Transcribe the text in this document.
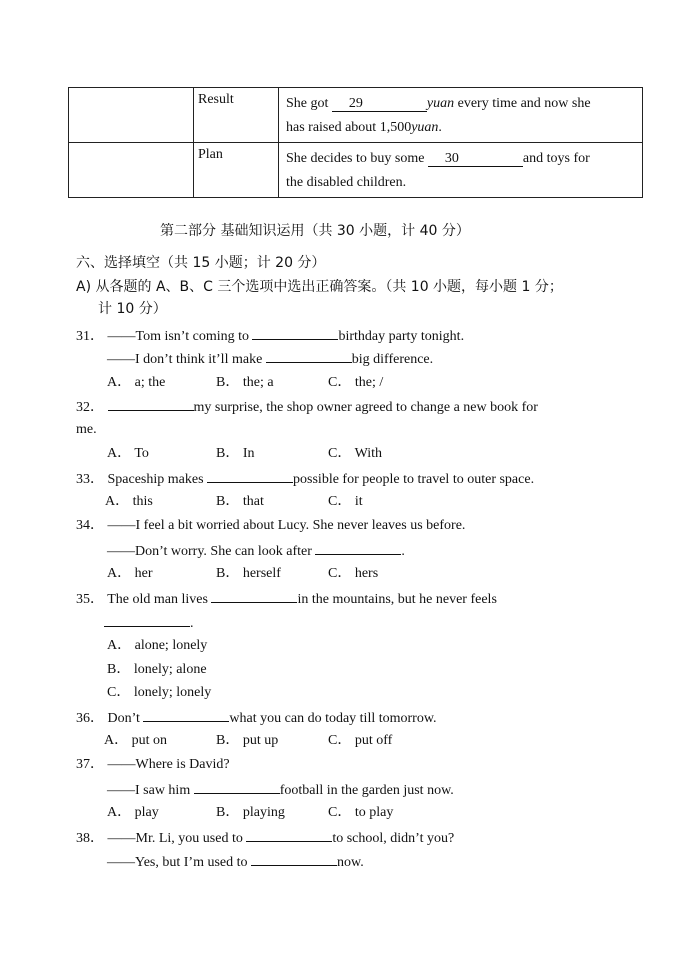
	Result	She got 29 yuan every time and now she
has raised about 1,500yuan.
	Plan	She decides to buy some 30 and toys for
the disabled children.
第二部分 基础知识运用（共 30 小题，计 40 分）
六、选择填空（共 15 小题；计 20 分）
A) 从各题的 A、B、C 三个选项中选出正确答案。（共 10 小题，每小题 1 分；
计 10 分）
31． ——Tom isn’t coming to	birthday party tonight.
——I don’t think it’ll make	big difference.
A． a; the	B． the; a	C． the; /
32．	my surprise, the shop owner agreed to change a new book for
me.
A． To	B． In	C． With
33． Spaceship makes	possible for people to travel to outer space.
A． this	B． that	C． it
34． ——I feel a bit worried about Lucy. She never leaves us before.
——Don’t worry. She can look after	.
A． her	B． herself	C． hers
35． The old man lives	in the mountains, but he never feels
.
A． alone; lonely
B． lonely; alone
C． lonely; lonely
36． Don’t	what you can do today till tomorrow.
A． put on	B． put up	C． put off
37． ——Where is David?
——I saw him	football in the garden just now.
A． play	B． playing	C． to play
38． ——Mr. Li, you used to	to school, didn’t you?
——Yes, but I’m used to	now.
